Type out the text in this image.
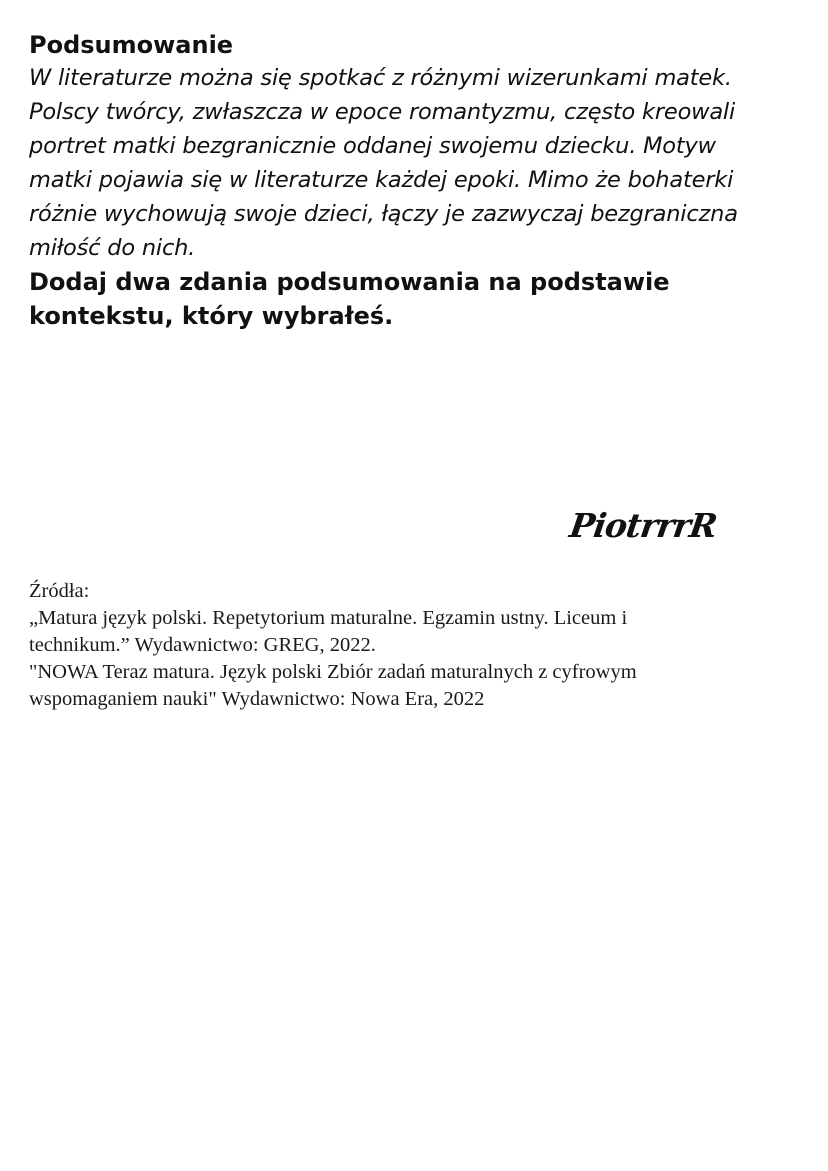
Podsumowanie

W literaturze można się spotkać z różnymi wizerunkami matek.
Polscy twórcy, zwłaszcza w epoce romantyzmu, często kreowali
portret matki bezgranicznie oddanej swojemu dziecku. Motyw
matki pojawia się w literaturze każdej epoki. Mimo że bohaterki
różnie wychowują swoje dzieci, łączy je zazwyczaj bezgraniczna
miłość do nich.

Dodaj dwa zdania podsumowania na podstawie
kontekstu, który wybrałeś.

PiotrrrR
Źródła:
„Matura język polski. Repetytorium maturalne. Egzamin ustny. Liceum i
technikum.” Wydawnictwo: GREG, 2022.
"NOWA Teraz matura. Język polski Zbiór zadań maturalnych z cyfrowym
wspomaganiem nauki" Wydawnictwo: Nowa Era, 2022
